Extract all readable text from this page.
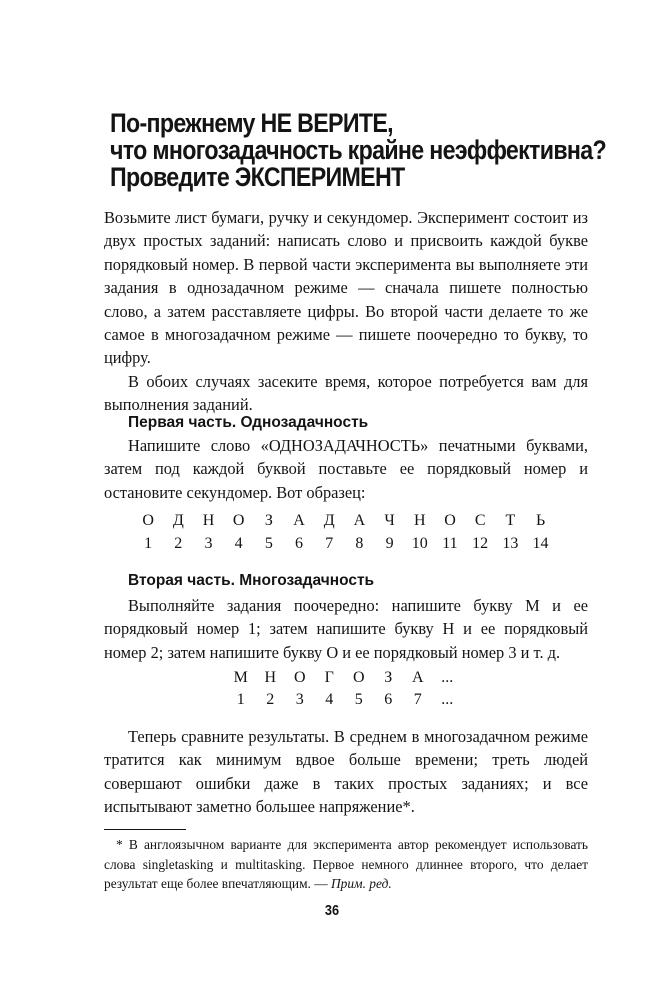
По-прежнему НЕ ВЕРИТЕ,
что многозадачность крайне неэффективна?
Проведите ЭКСПЕРИМЕНТ

Возьмите лист бумаги, ручку и секундомер. Эксперимент состоит из двух простых заданий: написать слово и присвоить каждой букве порядковый номер. В первой части эксперимента вы выполняете эти задания в однозадачном режиме — сначала пишете полностью слово, а затем расставляете цифры. Во второй части делаете то же самое в многозадачном режиме — пишете поочередно то букву, то цифру.

В обоих случаях засеките время, которое потребуется вам для выполнения заданий.

Первая часть. Однозадачность

Напишите слово «ОДНОЗАДАЧНОСТЬ» печатными буквами, затем под каждой буквой поставьте ее порядковый номер и остановите секундомер. Вот образец:

О	Д	Н	О	З	А	Д	А	Ч	Н	О	С	Т	Ь
1	2	3	4	5	6	7	8	9	10 11 12 13 14
Вторая часть. Многозадачность

Выполняйте задания поочередно: напишите букву М и ее порядковый номер 1; затем напишите букву Н и ее порядковый номер 2; затем напишите букву О и ее порядковый номер 3 и т. д.

М	Н	О	Г	О	З	А	...
1	2	3	4	5	6	7	...

Теперь сравните результаты. В среднем в многозадачном режиме тратится как минимум вдвое больше времени; треть людей совершают ошибки даже в таких простых заданиях; и все испытывают заметно большее напряжение*.

* В англоязычном варианте для эксперимента автор рекомендует использовать слова singletasking и multitasking. Первое немного длиннее второго, что делает результат еще более впечатляющим. — Прим. ред.

36
